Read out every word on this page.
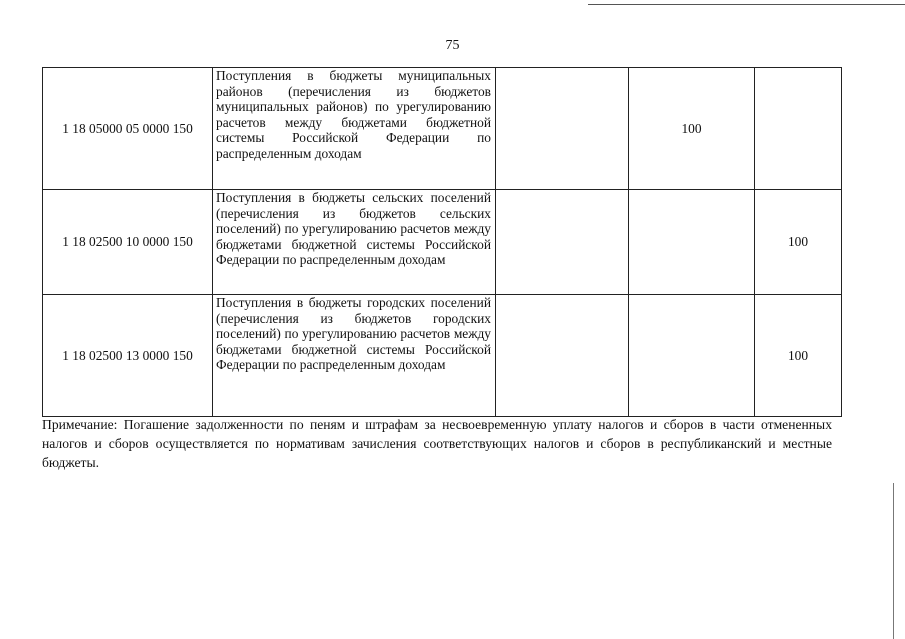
75
1 18 05000 05 0000 150	Поступления в бюджеты муниципальных районов (перечисления из бюджетов муниципальных районов) по урегулированию расчетов между бюджетами бюджетной системы Российской Федерации по распределенным доходам		100	
1 18 02500 10 0000 150	Поступления в бюджеты сельских поселений (перечисления из бюджетов сельских поселений) по урегулированию расчетов между бюджетами бюджетной системы Российской Федерации по распределенным доходам			100
1 18 02500 13 0000 150	Поступления в бюджеты городских поселений (перечисления из бюджетов городских поселений) по урегулированию расчетов между бюджетами бюджетной системы Российской Федерации по распределенным доходам			100
Примечание: Погашение задолженности по пеням и штрафам за несвоевременную уплату налогов и сборов в части отмененных налогов и сборов осуществляется по нормативам зачисления соответствующих налогов и сборов в республиканский и местные бюджеты.
